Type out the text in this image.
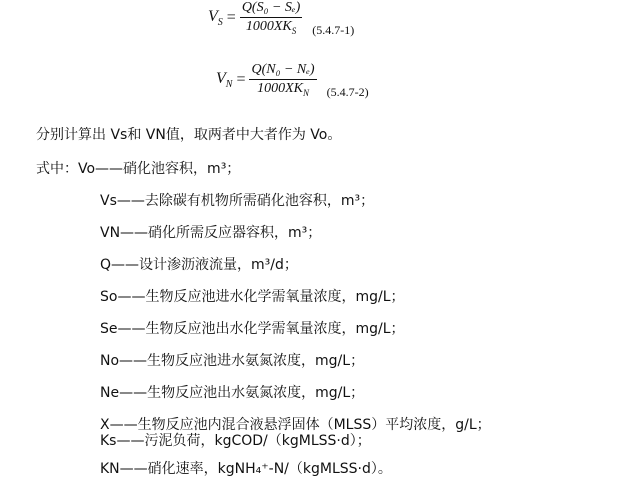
$V_S = \frac{\text{Q(S₀ − Sₑ)}}{1000XK_S} (5.4.7-1)$
$V_N = \frac{\text{Q(N₀ − Nₑ)}}{1000XK_N} (5.4.7-2)$
分别计算出 Vs和 VN值，取两者中大者作为 Vo。
式中：Vo——硝化池容积，m³；
Vs——去除碳有机物所需硝化池容积，m³；
VN——硝化所需反应器容积，m³；
Q——设计渗沥液流量，m³/d；
So——生物反应池进水化学需氧量浓度，mg/L；
Se——生物反应池出水化学需氧量浓度，mg/L；
No——生物反应池进水氨氮浓度，mg/L；
Ne——生物反应池出水氨氮浓度，mg/L；
X——生物反应池内混合液悬浮固体（MLSS）平均浓度，g/L；
Ks——污泥负荷，kgCOD/（kgMLSS·d）；
KN——硝化速率，kgNH₄⁺-N/（kgMLSS·d）。
